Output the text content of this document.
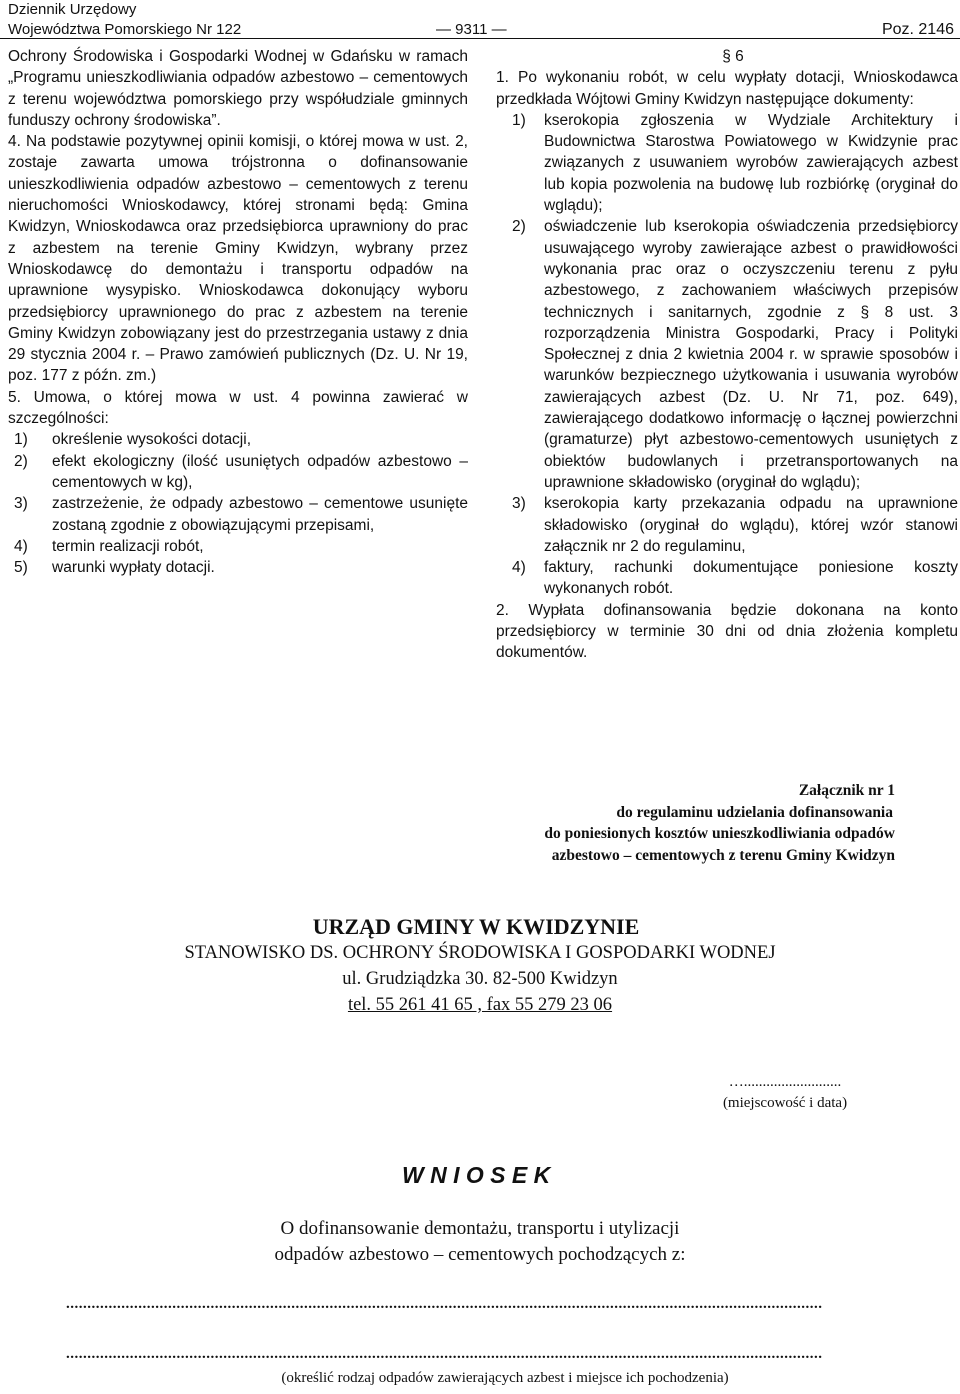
Dziennik Urzędowy
Województwa Pomorskiego Nr 122	— 9311 —	Poz. 2146

Ochrony Środowiska i Gospodarki Wodnej w Gdańsku w ramach „Programu unieszkodliwiania odpadów azbestowo – cementowych z terenu województwa pomorskiego przy współudziale gminnych funduszy ochrony środowiska”.

4. Na podstawie pozytywnej opinii komisji, o której mowa w ust. 2, zostaje zawarta umowa trójstronna o dofinansowanie unieszkodliwienia odpadów azbestowo – cementowych z terenu nieruchomości Wnioskodawcy, której stronami będą: Gmina Kwidzyn, Wnioskodawca oraz przedsiębiorca uprawniony do prac z azbestem na terenie Gminy Kwidzyn, wybrany przez Wnioskodawcę do demontażu i transportu odpadów na uprawnione wysypisko. Wnioskodawca dokonujący wyboru przedsiębiorcy uprawnionego do prac z azbestem na terenie Gminy Kwidzyn zobowiązany jest do przestrzegania ustawy z dnia 29 stycznia 2004 r. – Prawo zamówień publicznych (Dz. U. Nr 19, poz. 177 z późn. zm.)

5. Umowa, o której mowa w ust. 4 powinna zawierać w szczególności:

1)	określenie wysokości dotacji,
2)	efekt ekologiczny (ilość usuniętych odpadów azbestowo – cementowych w kg),
3)	zastrzeżenie, że odpady azbestowo – cementowe usunięte zostaną zgodnie z obowiązującymi przepisami,
4)	termin realizacji robót,
5)	warunki wypłaty dotacji.

§ 6

1. Po wykonaniu robót, w celu wypłaty dotacji, Wnioskodawca przedkłada Wójtowi Gminy Kwidzyn następujące dokumenty:

1)	kserokopia zgłoszenia w Wydziale Architektury i Budownictwa Starostwa Powiatowego w Kwidzynie prac związanych z usuwaniem wyrobów zawierających azbest lub kopia pozwolenia na budowę lub rozbiórkę (oryginał do wglądu);
2)	oświadczenie lub kserokopia oświadczenia przedsiębiorcy usuwającego wyroby zawierające azbest o prawidłowości wykonania prac oraz o oczyszczeniu terenu z pyłu azbestowego, z zachowaniem właściwych przepisów technicznych i sanitarnych, zgodnie z § 8 ust. 3 rozporządzenia Ministra Gospodarki, Pracy i Polityki Społecznej z dnia 2 kwietnia 2004 r. w sprawie sposobów i warunków bezpiecznego użytkowania i usuwania wyrobów zawierających azbest (Dz. U. Nr 71, poz. 649), zawierającego dodatkowo informację o łącznej powierzchni (gramaturze) płyt azbestowo-cementowych usuniętych z obiektów budowlanych i przetransportowanych na uprawnione składowisko (oryginał do wglądu);
3)	kserokopia karty przekazania odpadu na uprawnione składowisko (oryginał do wglądu), której wzór stanowi załącznik nr 2 do regulaminu,
4)	faktury, rachunki dokumentujące poniesione koszty wykonanych robót.

2. Wypłata dofinansowania będzie dokonana na konto przedsiębiorcy w terminie 30 dni od dnia złożenia kompletu dokumentów.

Załącznik nr 1
do regulaminu udzielania dofinansowania
do poniesionych kosztów unieszkodliwiania odpadów
azbestowo – cementowych z terenu Gminy Kwidzyn
URZĄD GMINY W KWIDZYNIE
STANOWISKO DS. OCHRONY ŚRODOWISKA I GOSPODARKI WODNEJ
ul. Grudziądzka 30. 82-500 Kwidzyn
tel. 55 261 41 65 , fax 55 279 23 06
…..........................
(miejscowość i data)
W N I O S E K
O dofinansowanie demontażu, transportu i utylizacji
odpadów azbestowo – cementowych pochodzących z:
..................................................................................................................................................................................
..................................................................................................................................................................................
(określić rodzaj odpadów zawierających azbest i miejsce ich pochodzenia)
